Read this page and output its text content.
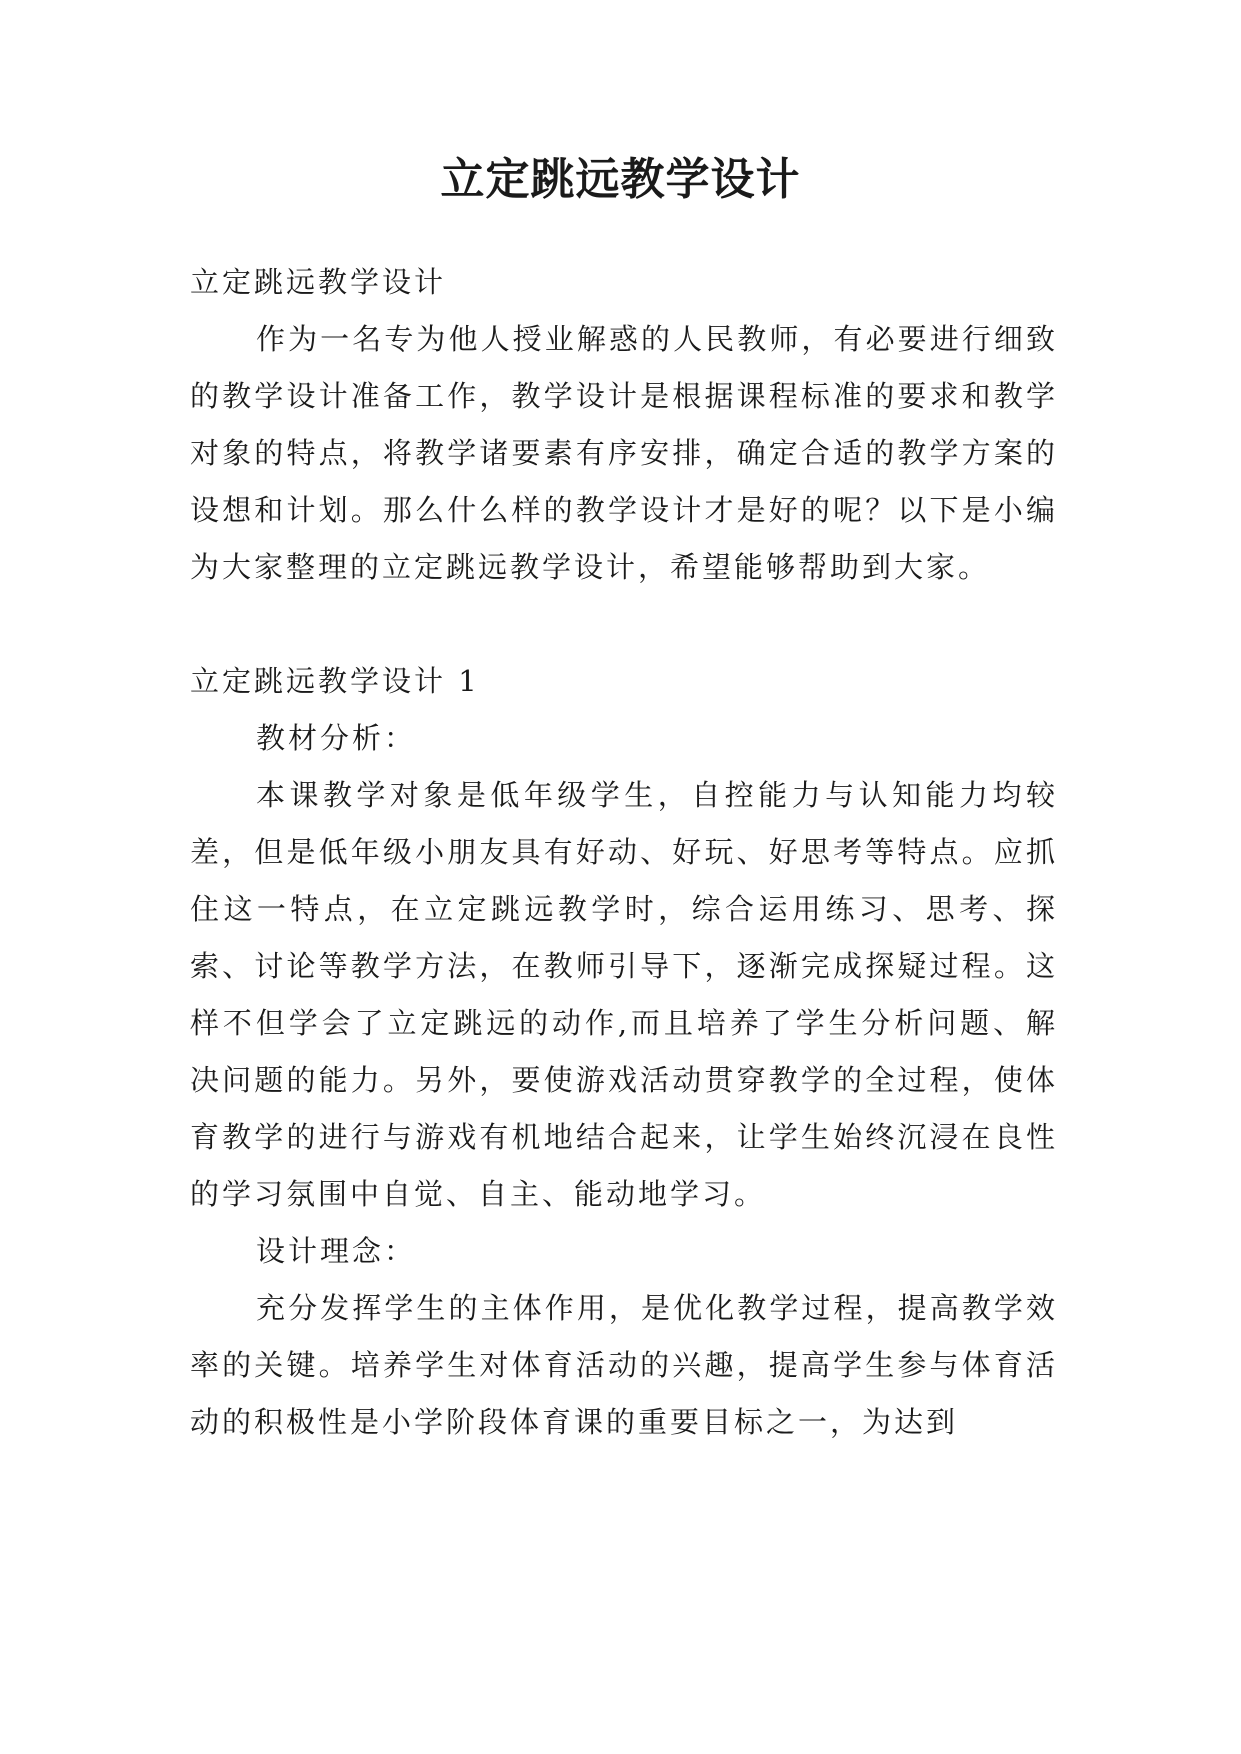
立定跳远教学设计

立定跳远教学设计

作为一名专为他人授业解惑的人民教师，有必要进行细致的教学设计准备工作，教学设计是根据课程标准的要求和教学对象的特点，将教学诸要素有序安排，确定合适的教学方案的设想和计划。那么什么样的教学设计才是好的呢？以下是小编为大家整理的立定跳远教学设计，希望能够帮助到大家。

立定跳远教学设计 1

教材分析：

本课教学对象是低年级学生，自控能力与认知能力均较差，但是低年级小朋友具有好动、好玩、好思考等特点。应抓住这一特点，在立定跳远教学时，综合运用练习、思考、探索、讨论等教学方法，在教师引导下，逐渐完成探疑过程。这样不但学会了立定跳远的动作,而且培养了学生分析问题、解决问题的能力。另外，要使游戏活动贯穿教学的全过程，使体育教学的进行与游戏有机地结合起来，让学生始终沉浸在良性的学习氛围中自觉、自主、能动地学习。

设计理念：

充分发挥学生的主体作用，是优化教学过程，提高教学效率的关键。培养学生对体育活动的兴趣，提高学生参与体育活动的积极性是小学阶段体育课的重要目标之一，为达到
